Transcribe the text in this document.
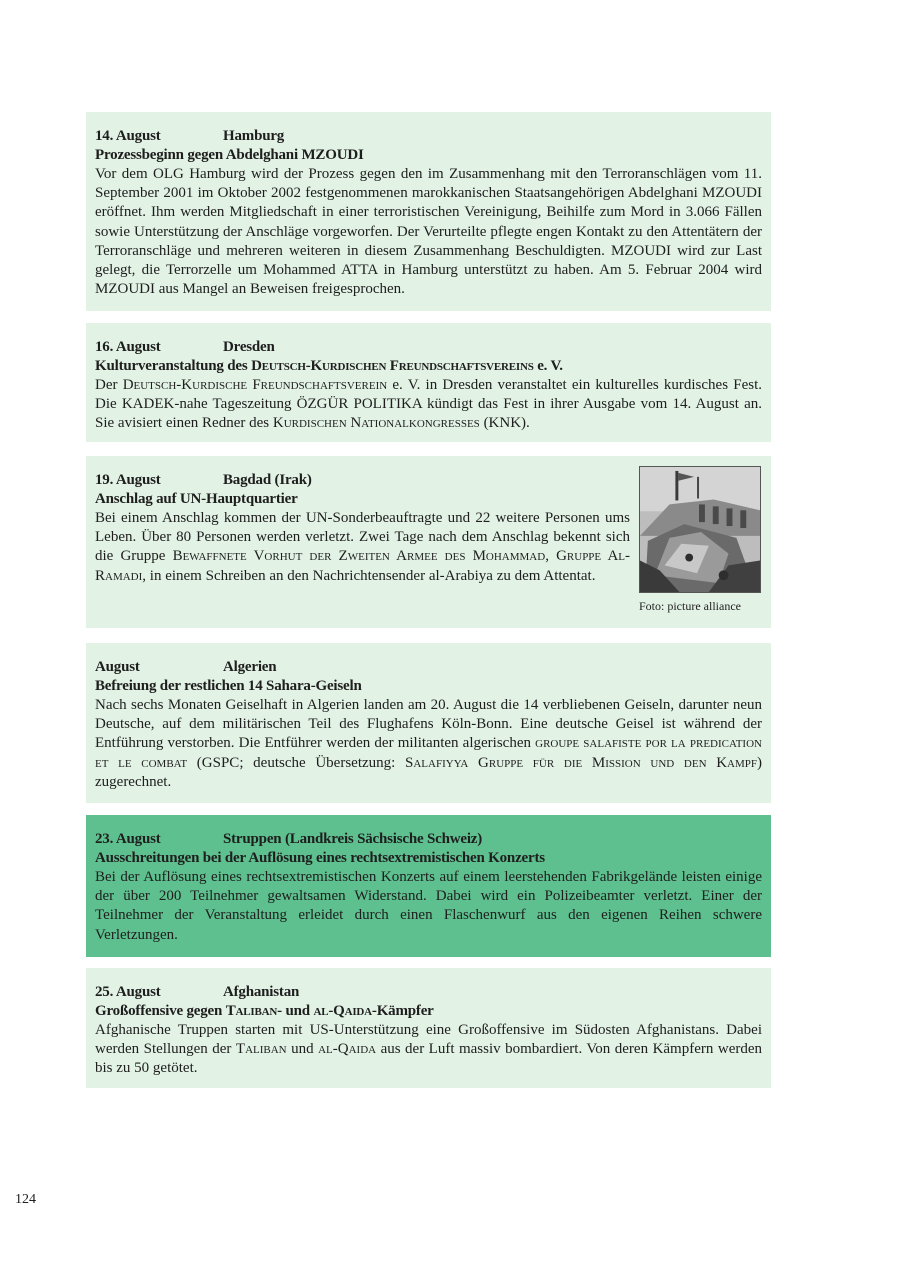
14. August	Hamburg
Prozessbeginn gegen Abdelghani MZOUDI
Vor dem OLG Hamburg wird der Prozess gegen den im Zusammenhang mit den Terroranschlägen vom 11. September 2001 im Oktober 2002 festgenommenen marokkanischen Staatsangehörigen Abdelghani MZOUDI eröffnet. Ihm werden Mitgliedschaft in einer terroristischen Vereinigung, Beihilfe zum Mord in 3.066 Fällen sowie Unterstützung der Anschläge vorgeworfen. Der Verurteilte pflegte engen Kontakt zu den Attentätern der Terroranschläge und mehreren weiteren in diesem Zusammenhang Beschuldigten. MZOUDI wird zur Last gelegt, die Terrorzelle um Mohammed ATTA in Hamburg unterstützt zu haben. Am 5. Februar 2004 wird MZOUDI aus Mangel an Beweisen freigesprochen.
16. August	Dresden
Kulturveranstaltung des Deutsch-Kurdischen Freundschaftsvereins e. V.
Der Deutsch-Kurdische Freundschaftsverein e. V. in Dresden veranstaltet ein kulturelles kurdisches Fest. Die KADEK-nahe Tageszeitung ÖZGÜR POLITIKA kündigt das Fest in ihrer Ausgabe vom 14. August an. Sie avisiert einen Redner des Kurdischen Nationalkongresses (KNK).
19. August	Bagdad (Irak)
Anschlag auf UN-Hauptquartier
Bei einem Anschlag kommen der UN-Sonderbeauftragte und 22 weitere Personen ums Leben. Über 80 Personen werden verletzt. Zwei Tage nach dem Anschlag bekennt sich die Gruppe Bewaffnete Vorhut der Zweiten Armee des Mohammad, Gruppe Al-Ramadi, in einem Schreiben an den Nachrichtensender al-Arabiya zu dem Attentat.
Foto: picture alliance
August	Algerien
Befreiung der restlichen 14 Sahara-Geiseln
Nach sechs Monaten Geiselhaft in Algerien landen am 20. August die 14 verbliebenen Geiseln, darunter neun Deutsche, auf dem militärischen Teil des Flughafens Köln-Bonn. Eine deutsche Geisel ist während der Entführung verstorben. Die Entführer werden der militanten algerischen groupe salafiste por la predication et le combat (GSPC; deutsche Übersetzung: Salafiyya Gruppe für die Mission und den Kampf) zugerechnet.
23. August	Struppen (Landkreis Sächsische Schweiz)
Ausschreitungen bei der Auflösung eines rechtsextremistischen Konzerts
Bei der Auflösung eines rechtsextremistischen Konzerts auf einem leerstehenden Fabrikgelände leisten einige der über 200 Teilnehmer gewaltsamen Widerstand. Dabei wird ein Polizeibeamter verletzt. Einer der Teilnehmer der Veranstaltung erleidet durch einen Flaschenwurf aus den eigenen Reihen schwere Verletzungen.
25. August	Afghanistan
Großoffensive gegen Taliban- und al-Qaida-Kämpfer
Afghanische Truppen starten mit US-Unterstützung eine Großoffensive im Südosten Afghanistans. Dabei werden Stellungen der Taliban und al-Qaida aus der Luft massiv bombardiert. Von deren Kämpfern werden bis zu 50 getötet.
124
